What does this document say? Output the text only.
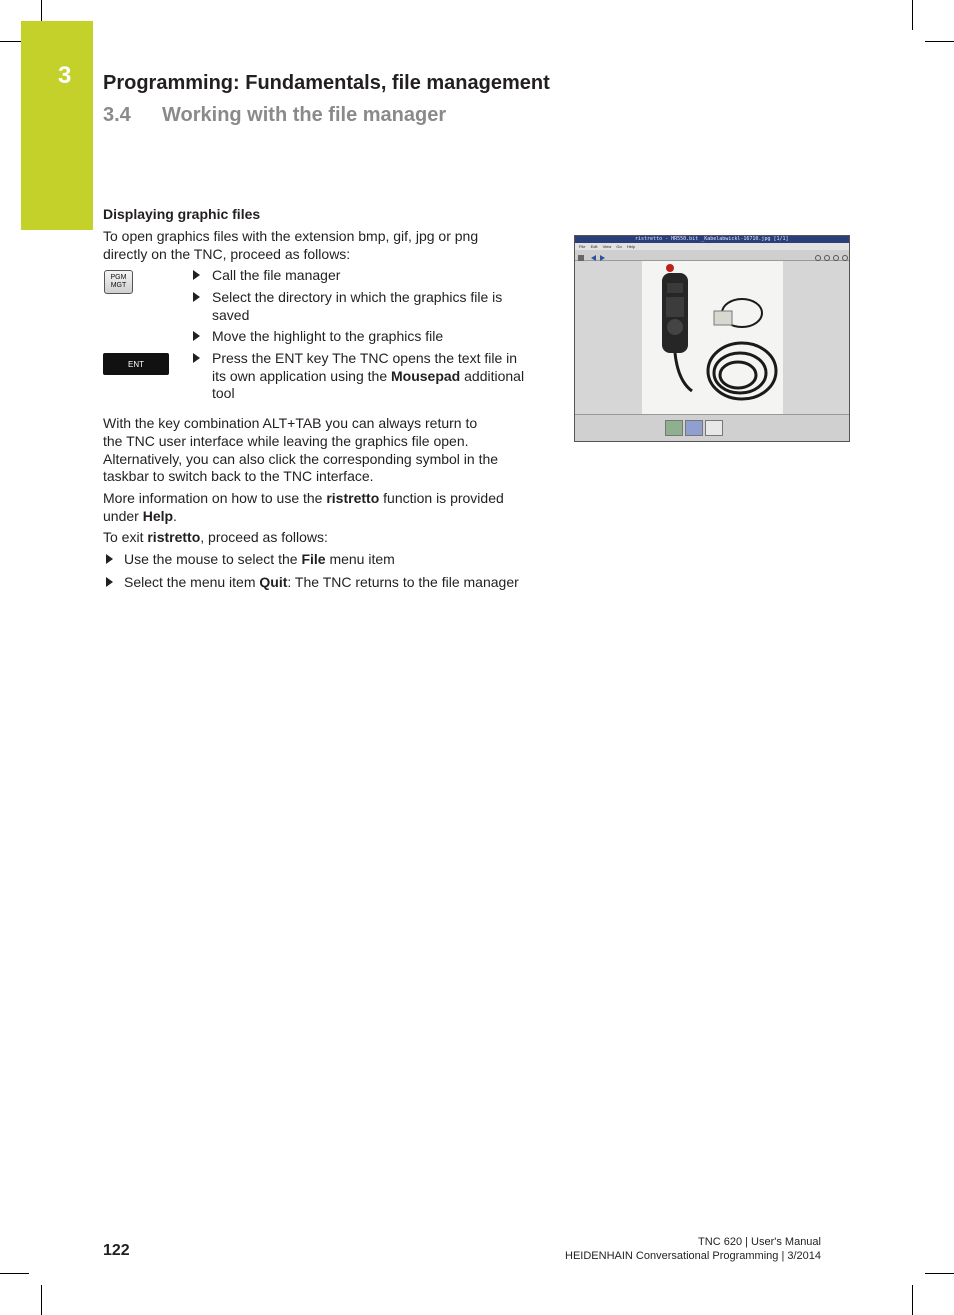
3 Programming: Fundamentals, file management
3.4 Working with the file manager
Displaying graphic files
To open graphics files with the extension bmp, gif, jpg or png
directly on the TNC, proceed as follows:
PGM
MGT
ENT
Call the file manager
Select the directory in which the graphics file is
saved
Move the highlight to the graphics file
Press the ENT key The TNC opens the text file in
its own application using the Mousepad additional
tool
With the key combination ALT+TAB you can always return to
the TNC user interface while leaving the graphics file open.
Alternatively, you can also click the corresponding symbol in the
taskbar to switch back to the TNC interface.
More information on how to use the ristretto function is provided
under Help.
To exit ristretto, proceed as follows:
Use the mouse to select the File menu item
Select the menu item Quit: The TNC returns to the file manager
ristretto - HR550.bit _Kabelabwickl-16710.jpg [1/1]
File Edit View Go Help
122	TNC 620 | User's Manual
HEIDENHAIN Conversational Programming | 3/2014
